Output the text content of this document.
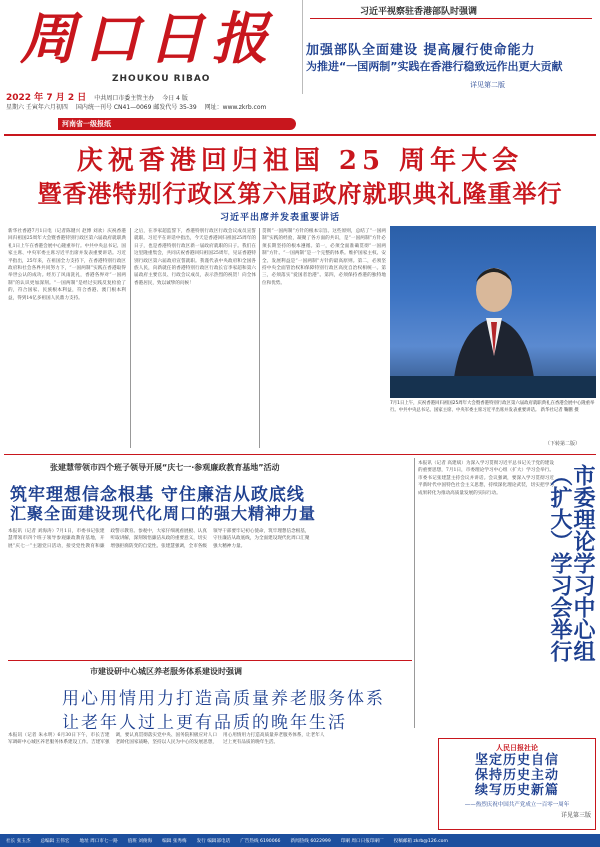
周口日报
ZHOUKOU RIBAO
2022 年 7 月 2 日 中共周口市委主管主办 今日 4 版
星期六 壬寅年六月初四 国内统一刊号 CN41—0069 邮发代号 35-39 网址：www.zkrb.com
河南省一级报纸
习近平视察驻香港部队时强调
加强部队全面建设 提高履行使命能力
为推进“一国两制”实践在香港行稳致远作出更大贡献
详见第二版
庆祝香港回归祖国 25 周年大会
暨香港特别行政区第六届政府就职典礼隆重举行
习近平出席并发表重要讲话
新华社香港7月1日电（记者陈键兴 赵博 刘欢）庆祝香港回归祖国25周年大会暨香港特别行政区第六届政府就职典礼1日上午在香港会展中心隆重举行。中共中央总书记、国家主席、中央军委主席习近平出席并发表重要讲话。习近平指出，25年来，在祖国全力支持下，在香港特别行政区政府和社会各界共同努力下，“一国两制”实践在香港取得举世公认的成功。经历了风雨洗礼，香港各界对“一国两制”的认识更加深刻。“一国两制”是经过实践反复检验了的，符合国家、民族根本利益，符合香港、澳门根本利益，得到14亿多祖国人民鼎力支持。
之后，在李家超监誓下，香港特别行政区行政会议成员宣誓就职。习近平在讲话中指出，今天是香港回归祖国25周年的日子，也是香港特别行政区新一届政府就职的日子。我们在这里隆重集会，共同庆祝香港回归祖国25周年，见证香港特别行政区第六届政府宣誓就职。我谨代表中央政府和全国各族人民，向新就任的香港特别行政区行政长官李家超和第六届政府主要官员、行政会议成员，表示热烈的祝贺！向全体香港居民，致以诚挚的问候！
贯彻“一国两制”方针的根本宗旨。这些原则，总结了“一国两制”实践的经验，凝聚了各方面的共识，是“一国两制”方针必须长期坚持的根本遵循。第一，必须全面准确贯彻“一国两制”方针。“一国两制”是一个完整的体系。维护国家主权、安全、发展利益是“一国两制”方针的最高原则。第二，必须坚持中央全面管治权和保障特别行政区高度自治权相统一。第三，必须落实“爱国者治港”。第四，必须保持香港的独特地位和优势。
7月1日上午，庆祝香港回归祖国25周年大会暨香港特别行政区第六届政府就职典礼在香港会展中心隆重举行。中共中央总书记、国家主席、中央军委主席习近平出席并发表重要讲话。 新华社记者 鞠鹏 摄
（下转第二版）
张建慧带领市四个班子领导开展“庆七一·参观廉政教育基地”活动
筑牢理想信念根基 守住廉洁从政底线
汇聚全面建设现代化周口的强大精神力量
本报讯（记者 刘海涛）7月1日，市委书记张建慧带领市四个班子领导参观廉政教育基地，开展“庆七一”主题党日活动，接受党性教育和廉政警示教育。参观中，大家仔细观看展板、认真听取讲解，深刻领悟廉洁从政的重要意义，切实增强拒腐防变的自觉性。张建慧强调，全市各级领导干部要牢记初心使命，筑牢理想信念根基，守住廉洁从政底线，为全面建设现代化周口汇聚强大精神力量。
本报讯（记者 高建斌）为深入学习贯彻习近平总书记关于党的建设的重要思想，7月1日，市委理论学习中心组（扩大）学习会举行。市委书记张建慧主持会议并讲话。会议强调，要深入学习贯彻习近平新时代中国特色社会主义思想，持续深化理论武装，切实把学习成果转化为推动高质量发展的实际行动。	市委理论学习中心组（扩大）学习会举行
市建设研中心城区养老服务体系建设时强调
用心用情用力打造高质量养老服务体系
让老年人过上更有品质的晚年生活
本报讯（记者 朱永明）6月30日下午，市长吉建军调研中心城区养老服务体系建设工作。吉建军强调，要认真贯彻落实党中央、国务院积极应对人口老龄化国家战略，坚持以人民为中心的发展思想，用心用情用力打造高质量养老服务体系，让老年人过上更有品质的晚年生活。
人民日报社论
坚定历史自信
保持历史主动
续写历史新篇
——热烈庆祝中国共产党成立一百零一周年
详见第三版
社长 张玉杰 总编辑 王伟宏 地址 周口市七一路 值班 刘俊海 编辑 张秀梅 发行 编辑部电话 广告热线 6190066 新闻热线 6022999 印刷 周口日报印刷厂 投稿邮箱 zkrb@126.com
